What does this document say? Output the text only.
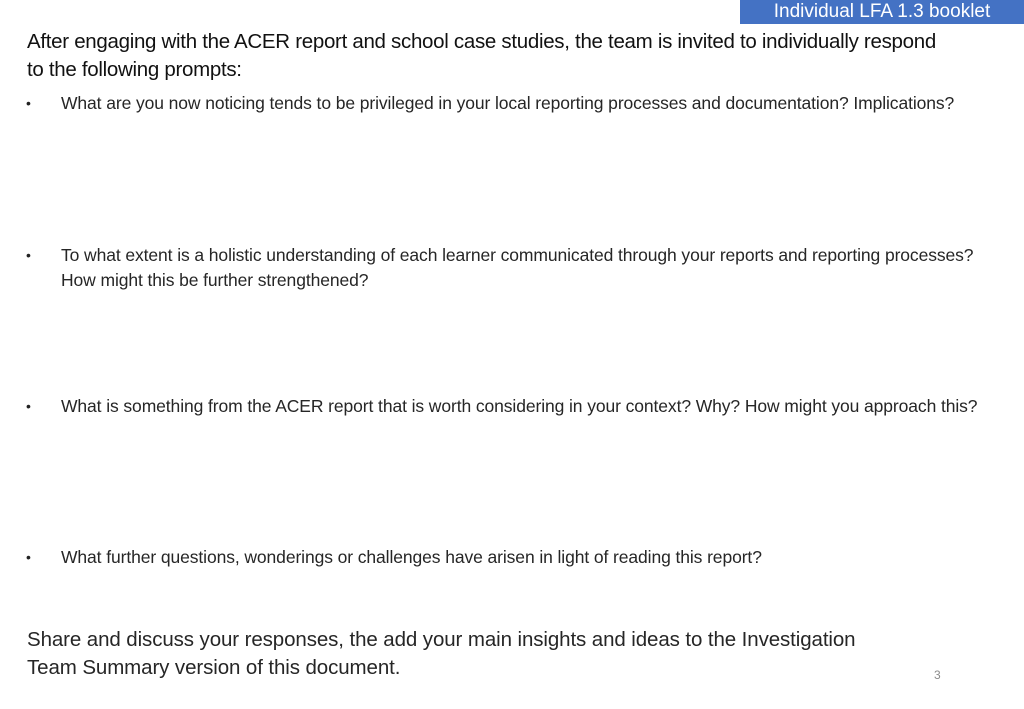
Individual LFA 1.3 booklet
After engaging with the ACER report and school case studies, the team is invited to individually respond to the following prompts:
• What are you now noticing tends to be privileged in your local reporting processes and documentation? Implications?
• To what extent is a holistic understanding of each learner communicated through your reports and reporting processes? How might this be further strengthened?
• What is something from the ACER report that is worth considering in your context? Why? How might you approach this?
• What further questions, wonderings or challenges have arisen in light of reading this report?

Share and discuss your responses, the add your main insights and ideas to the Investigation Team Summary version of this document.	3
